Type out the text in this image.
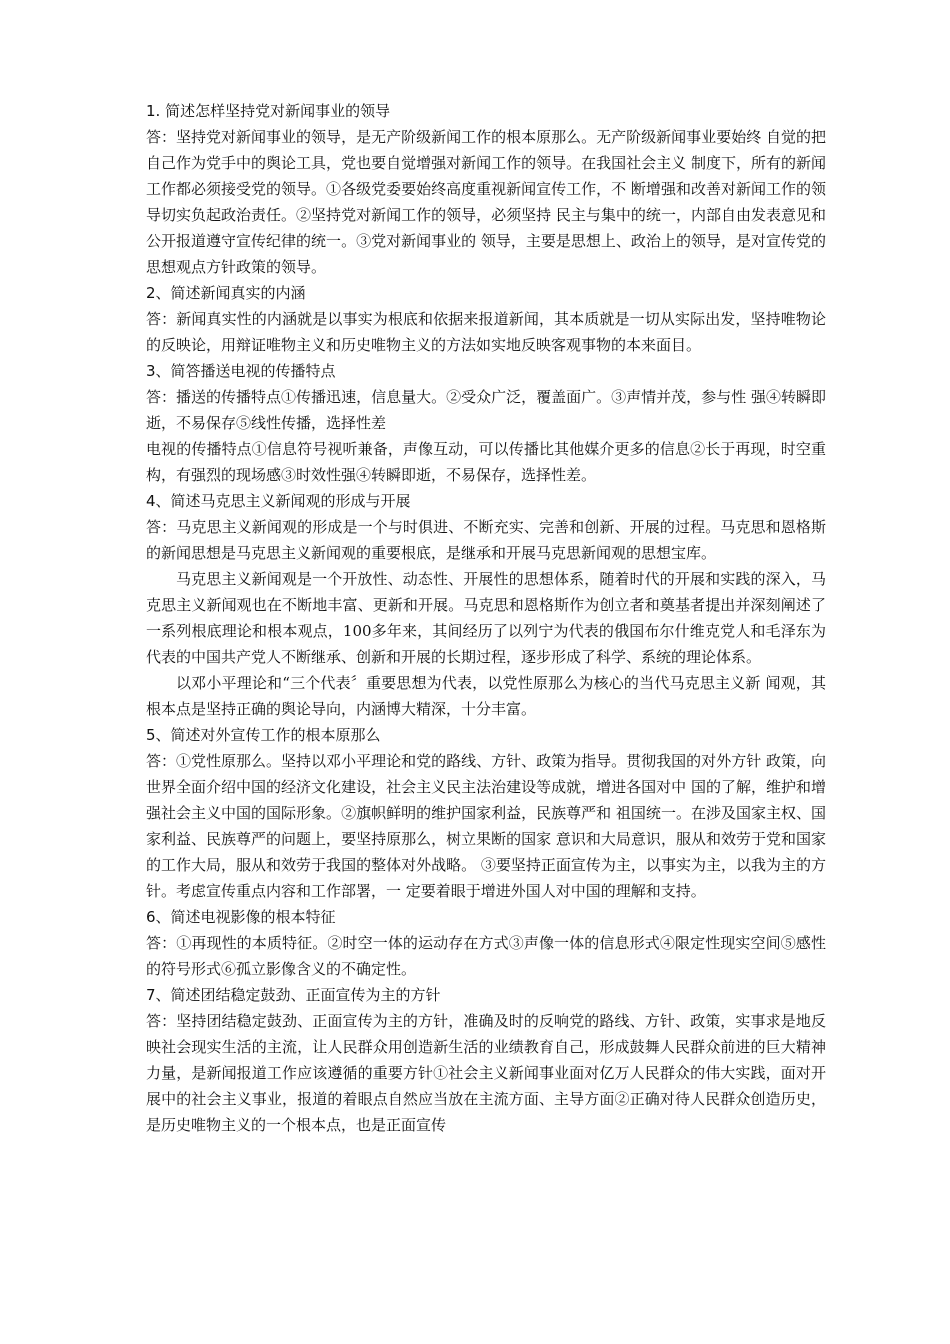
1. 简述怎样坚持党对新闻事业的领导

答：坚持党对新闻事业的领导，是无产阶级新闻工作的根本原那么。无产阶级新闻事业要始终 自觉的把自己作为党手中的舆论工具，党也要自觉增强对新闻工作的领导。在我国社会主义 制度下，所有的新闻工作都必须接受党的领导。①各级党委要始终高度重视新闻宣传工作，不 断增强和改善对新闻工作的领导切实负起政治责任。②坚持党对新闻工作的领导，必须坚持 民主与集中的统一，内部自由发表意见和公开报道遵守宣传纪律的统一。③党对新闻事业的 领导，主要是思想上、政治上的领导，是对宣传党的思想观点方针政策的领导。

2、简述新闻真实的内涵

答：新闻真实性的内涵就是以事实为根底和依据来报道新闻，其本质就是一切从实际出发，坚持唯物论的反映论，用辩证唯物主义和历史唯物主义的方法如实地反映客观事物的本来面目。

3、简答播送电视的传播特点

答：播送的传播特点①传播迅速，信息量大。②受众广泛，覆盖面广。③声情并茂，参与性 强④转瞬即逝，不易保存⑤线性传播，选择性差

电视的传播特点①信息符号视听兼备，声像互动，可以传播比其他媒介更多的信息②长于再现，时空重构，有强烈的现场感③时效性强④转瞬即逝，不易保存，选择性差。

4、简述马克思主义新闻观的形成与开展

答：马克思主义新闻观的形成是一个与时俱进、不断充实、完善和创新、开展的过程。马克思和恩格斯的新闻思想是马克思主义新闻观的重要根底，是继承和开展马克思新闻观的思想宝库。

马克思主义新闻观是一个开放性、动态性、开展性的思想体系，随着时代的开展和实践的深入，马克思主义新闻观也在不断地丰富、更新和开展。马克思和恩格斯作为创立者和奠基者提出并深刻阐述了一系列根底理论和根本观点，100多年来，其间经历了以列宁为代表的俄国布尔什维克党人和毛泽东为代表的中国共产党人不断继承、创新和开展的长期过程，逐步形成了科学、系统的理论体系。

以邓小平理论和“三个代表〞重要思想为代表，以党性原那么为核心的当代马克思主义新 闻观，其根本点是坚持正确的舆论导向，内涵博大精深，十分丰富。

5、简述对外宣传工作的根本原那么

答：①党性原那么。坚持以邓小平理论和党的路线、方针、政策为指导。贯彻我国的对外方针 政策，向世界全面介绍中国的经济文化建设，社会主义民主法治建设等成就，增进各国对中 国的了解，维护和增强社会主义中国的国际形象。②旗帜鲜明的维护国家利益，民族尊严和 祖国统一。在涉及国家主权、国家利益、民族尊严的问题上，要坚持原那么，树立果断的国家 意识和大局意识，服从和效劳于党和国家的工作大局，服从和效劳于我国的整体对外战略。 ③要坚持正面宣传为主，以事实为主，以我为主的方针。考虑宣传重点内容和工作部署，一 定要着眼于增进外国人对中国的理解和支持。

6、简述电视影像的根本特征

答：①再现性的本质特征。②时空一体的运动存在方式③声像一体的信息形式④限定性现实空间⑤感性的符号形式⑥孤立影像含义的不确定性。

7、简述团结稳定鼓劲、正面宣传为主的方针

答：坚持团结稳定鼓劲、正面宣传为主的方针，准确及时的反响党的路线、方针、政策，实事求是地反映社会现实生活的主流，让人民群众用创造新生活的业绩教育自己，形成鼓舞人民群众前进的巨大精神力量，是新闻报道工作应该遵循的重要方针①社会主义新闻事业面对亿万人民群众的伟大实践，面对开展中的社会主义事业，报道的着眼点自然应当放在主流方面、主导方面②正确对待人民群众创造历史，是历史唯物主义的一个根本点，也是正面宣传
